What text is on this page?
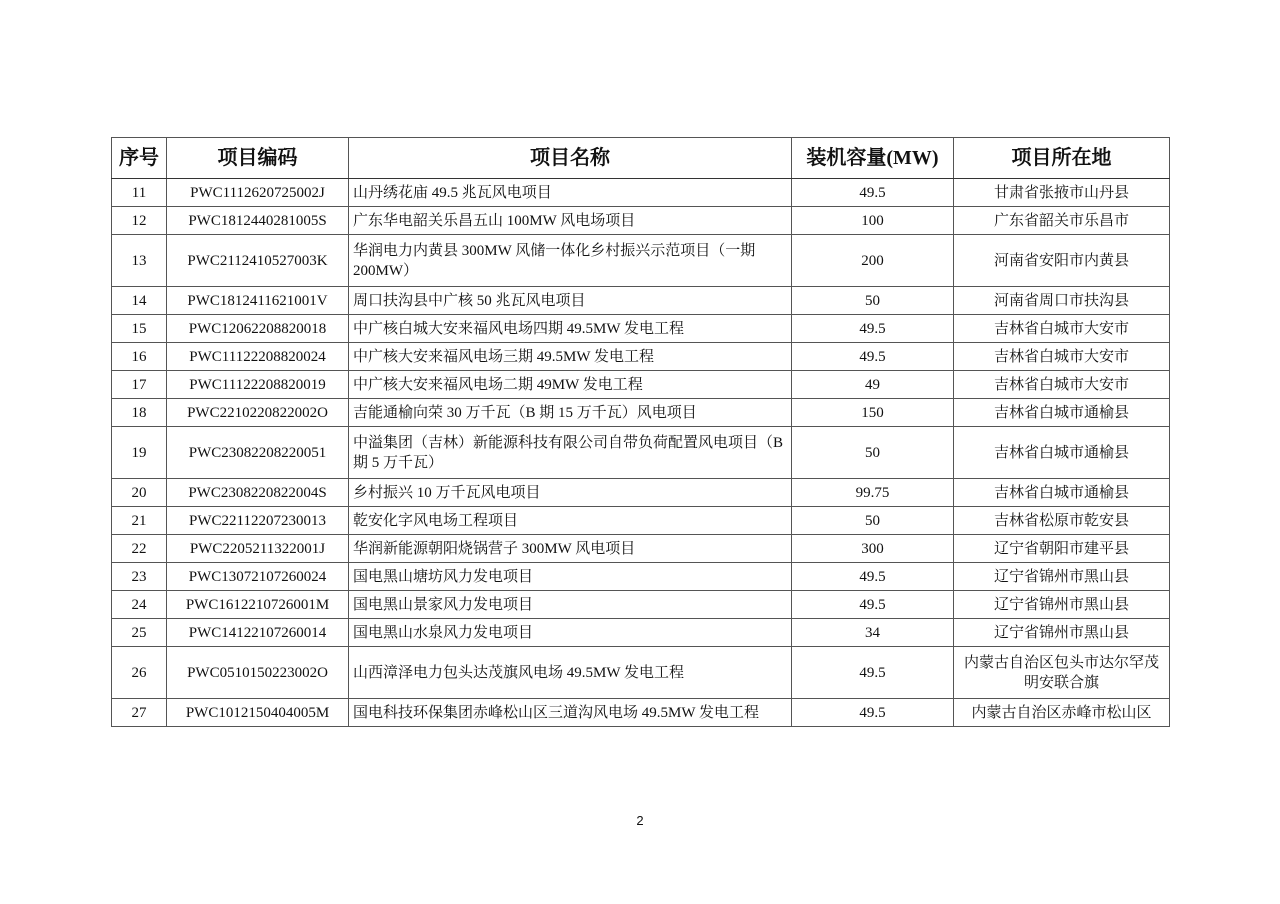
序号	项目编码	项目名称	装机容量(MW)	项目所在地
11	PWC1112620725002J	山丹绣花庙 49.5 兆瓦风电项目	49.5	甘肃省张掖市山丹县
12	PWC1812440281005S	广东华电韶关乐昌五山 100MW 风电场项目	100	广东省韶关市乐昌市
13	PWC2112410527003K	华润电力内黄县 300MW 风储一体化乡村振兴示范项目（一期 200MW）	200	河南省安阳市内黄县
14	PWC1812411621001V	周口扶沟县中广核 50 兆瓦风电项目	50	河南省周口市扶沟县
15	PWC1206220882001​8	中广核白城大安来福风电场四期 49.5MW 发电工程	49.5	吉林省白城市大安市
16	PWC11122208820024	中广核大安来福风电场三期 49.5MW 发电工程	49.5	吉林省白城市大安市
17	PWC11122208820019	中广核大安来福风电场二期 49MW 发电工程	49	吉林省白城市大安市
18	PWC2210220822002O	吉能通榆向荣 30 万千瓦（B 期 15 万千瓦）风电项目	150	吉林省白城市通榆县
19	PWC23082208220051	中溢集团（吉林）新能源科技有限公司自带负荷配置风电项目（B 期 5 万千瓦）	50	吉林省白城市通榆县
20	PWC2308220822004S	乡村振兴 10 万千瓦风电项目	99.75	吉林省白城市通榆县
21	PWC22112207230013	乾安化字风电场工程项目	50	吉林省松原市乾安县
22	PWC2205211322001J	华润新能源朝阳烧锅营子 300MW 风电项目	300	辽宁省朝阳市建平县
23	PWC13072107260024	国电黑山塘坊风力发电项目	49.5	辽宁省锦州市黑山县
24	PWC1612210726001M	国电黑山景家风力发电项目	49.5	辽宁省锦州市黑山县
25	PWC14122107260014	国电黑山水泉风力发电项目	34	辽宁省锦州市黑山县
26	PWC0510150223002O	山西漳泽电力包头达茂旗风电场 49.5MW 发电工程	49.5	内蒙古自治区包头市达尔罕茂明安联合旗
27	PWC1012150404005M	国电科技环保集团赤峰松山区三道沟风电场 49.5MW 发电工程	49.5	内蒙古自治区赤峰市松山区
2
